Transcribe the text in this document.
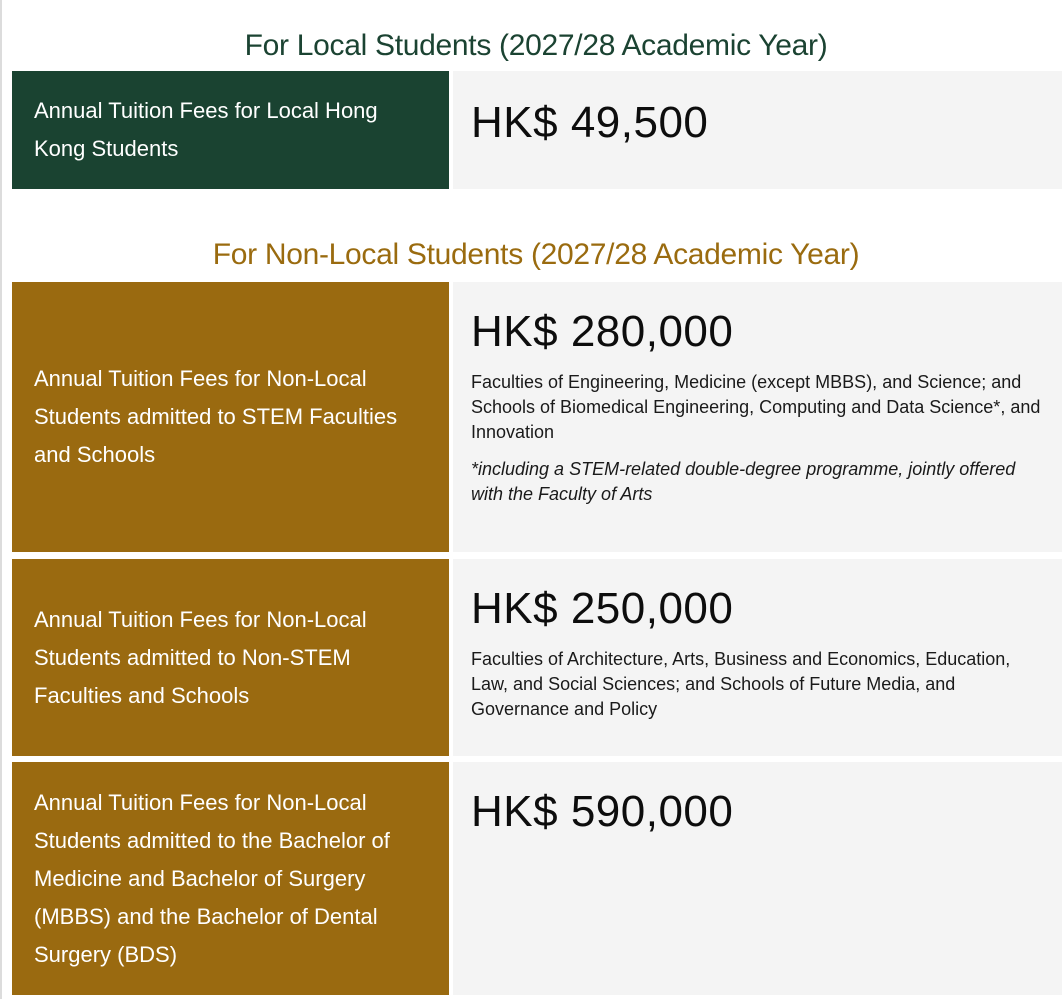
For Local Students (2027/28 Academic Year)
Annual Tuition Fees for Local Hong Kong Students
HK$ 49,500
For Non-Local Students (2027/28 Academic Year)
Annual Tuition Fees for Non-Local Students admitted to STEM Faculties and Schools
HK$ 280,000
Faculties of Engineering, Medicine (except MBBS), and Science; and Schools of Biomedical Engineering, Computing and Data Science*, and Innovation
*including a STEM-related double-degree programme, jointly offered with the Faculty of Arts
Annual Tuition Fees for Non-Local Students admitted to Non-STEM Faculties and Schools
HK$ 250,000
Faculties of Architecture, Arts, Business and Economics, Education, Law, and Social Sciences; and Schools of Future Media, and Governance and Policy
Annual Tuition Fees for Non-Local Students admitted to the Bachelor of Medicine and Bachelor of Surgery (MBBS) and the Bachelor of Dental Surgery (BDS)
HK$ 590,000
